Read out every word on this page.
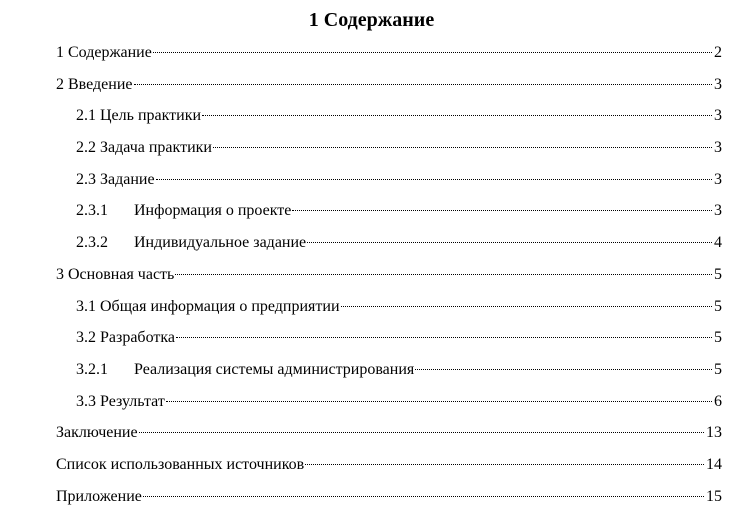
1 Содержание
1 Содержание	2
2 Введение	3
2.1 Цель практики	3
2.2 Задача практики	3
2.3 Задание	3
2.3.1	Информация о проекте	3
2.3.2	Индивидуальное задание	4
3 Основная часть	5
3.1 Общая информация о предприятии	5
3.2 Разработка	5
3.2.1	Реализация системы администрирования	5
3.3 Результат	6
Заключение	13
Список использованных источников	14
Приложение	15
